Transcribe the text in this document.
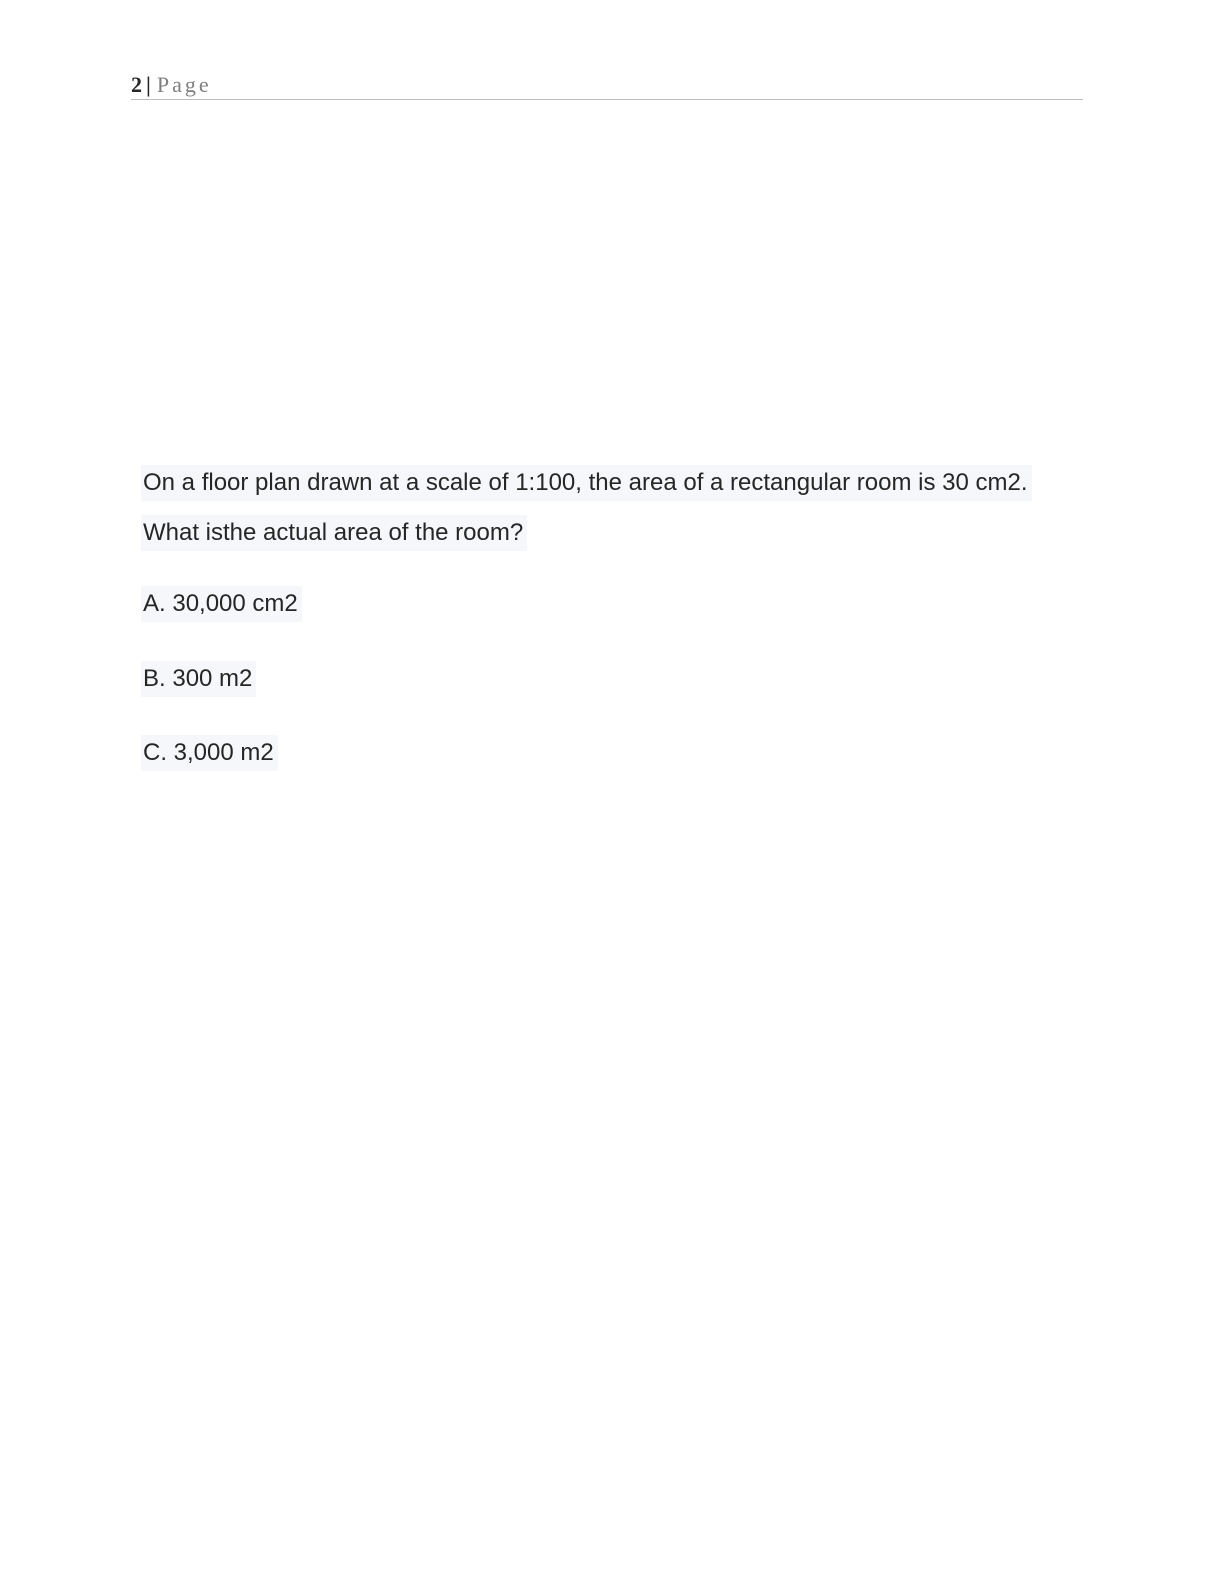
2 | Page
On a floor plan drawn at a scale of 1:100, the area of a rectangular room is 30 cm2.
What isthe actual area of the room?
A. 30,000 cm2
B. 300 m2
C. 3,000 m2
